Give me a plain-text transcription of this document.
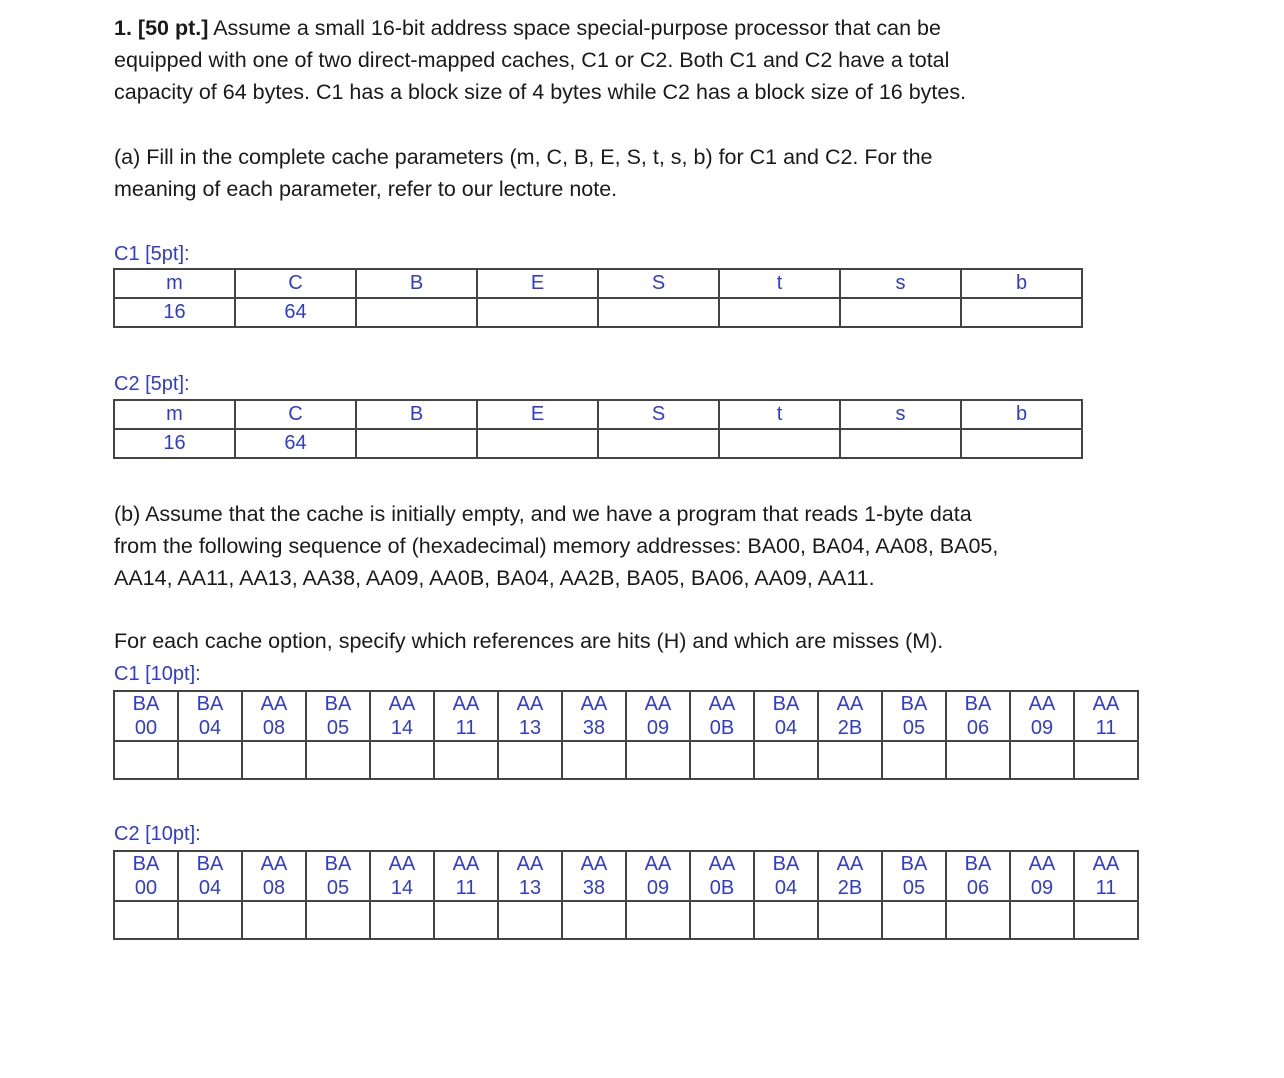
1. [50 pt.] Assume a small 16-bit address space special-purpose processor that can be
equipped with one of two direct-mapped caches, C1 or C2. Both C1 and C2 have a total
capacity of 64 bytes. C1 has a block size of 4 bytes while C2 has a block size of 16 bytes.

(a) Fill in the complete cache parameters (m, C, B, E, S, t, s, b) for C1 and C2. For the
meaning of each parameter, refer to our lecture note.

C1 [5pt]:

m	C	B	E	S	t	s	b
16	64						

C2 [5pt]:

m	C	B	E	S	t	s	b
16	64						

(b) Assume that the cache is initially empty, and we have a program that reads 1-byte data
from the following sequence of (hexadecimal) memory addresses: BA00, BA04, AA08, BA05,
AA14, AA11, AA13, AA38, AA09, AA0B, BA04, AA2B, BA05, BA06, AA09, AA11.

For each cache option, specify which references are hits (H) and which are misses (M).

C1 [10pt]:

BA
00	BA
04	AA
08	BA
05	AA
14	AA
11	AA
13	AA
38	AA
09	AA
0B	BA
04	AA
2B	BA
05	BA
06	AA
09	AA
11

C2 [10pt]:

BA
00	BA
04	AA
08	BA
05	AA
14	AA
11	AA
13	AA
38	AA
09	AA
0B	BA
04	AA
2B	BA
05	BA
06	AA
09	AA
11
